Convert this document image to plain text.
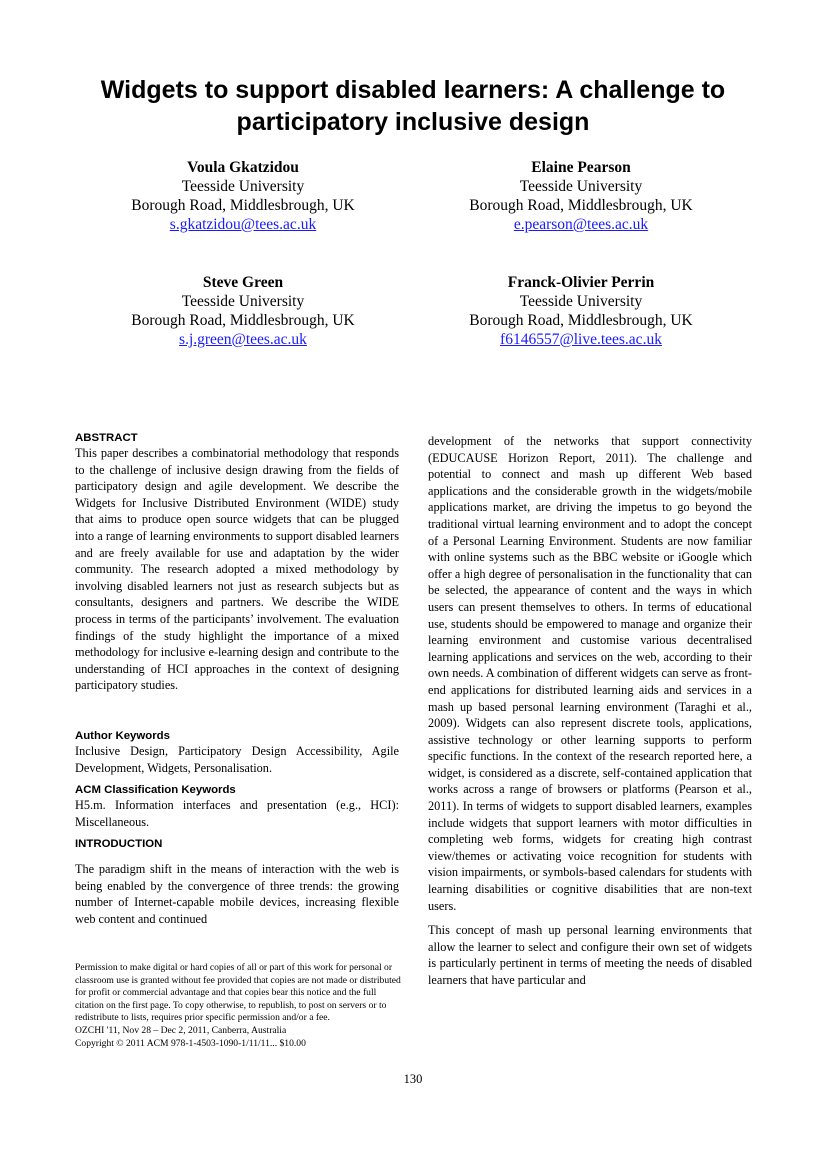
Widgets to support disabled learners: A challenge to participatory inclusive design
Voula Gkatzidou
Teesside University
Borough Road, Middlesbrough, UK
s.gkatzidou@tees.ac.uk
Elaine Pearson
Teesside University
Borough Road, Middlesbrough, UK
e.pearson@tees.ac.uk
Steve Green
Teesside University
Borough Road, Middlesbrough, UK
s.j.green@tees.ac.uk
Franck-Olivier Perrin
Teesside University
Borough Road, Middlesbrough, UK
f6146557@live.tees.ac.uk
ABSTRACT

This paper describes a combinatorial methodology that responds to the challenge of inclusive design drawing from the fields of participatory design and agile development. We describe the Widgets for Inclusive Distributed Environment (WIDE) study that aims to produce open source widgets that can be plugged into a range of learning environments to support disabled learners and are freely available for use and adaptation by the wider community. The research adopted a mixed methodology by involving disabled learners not just as research subjects but as consultants, designers and partners. We describe the WIDE process in terms of the participants’ involvement. The evaluation findings of the study highlight the importance of a mixed methodology for inclusive e-learning design and contribute to the understanding of HCI approaches in the context of designing participatory studies.

Author Keywords

Inclusive Design, Participatory Design Accessibility, Agile Development, Widgets, Personalisation.

ACM Classification Keywords

H5.m. Information interfaces and presentation (e.g., HCI): Miscellaneous.

INTRODUCTION

The paradigm shift in the means of interaction with the web is being enabled by the convergence of three trends: the growing number of Internet-capable mobile devices, increasing flexible web content and continued

Permission to make digital or hard copies of all or part of this work for personal or classroom use is granted without fee provided that copies are not made or distributed for profit or commercial advantage and that copies bear this notice and the full citation on the first page. To copy otherwise, to republish, to post on servers or to redistribute to lists, requires prior specific permission and/or a fee.

OZCHI '11, Nov 28 – Dec 2, 2011, Canberra, Australia

Copyright © 2011 ACM 978-1-4503-1090-1/11/11... $10.00

development of the networks that support connectivity (EDUCAUSE Horizon Report, 2011). The challenge and potential to connect and mash up different Web based applications and the considerable growth in the widgets/mobile applications market, are driving the impetus to go beyond the traditional virtual learning environment and to adopt the concept of a Personal Learning Environment. Students are now familiar with online systems such as the BBC website or iGoogle which offer a high degree of personalisation in the functionality that can be selected, the appearance of content and the ways in which users can present themselves to others. In terms of educational use, students should be empowered to manage and organize their learning environment and customise various decentralised learning applications and services on the web, according to their own needs. A combination of different widgets can serve as front-end applications for distributed learning aids and services in a mash up based personal learning environment (Taraghi et al., 2009). Widgets can also represent discrete tools, applications, assistive technology or other learning supports to perform specific functions. In the context of the research reported here, a widget, is considered as a discrete, self-contained application that works across a range of browsers or platforms (Pearson et al., 2011). In terms of widgets to support disabled learners, examples include widgets that support learners with motor difficulties in completing web forms, widgets for creating high contrast view/themes or activating voice recognition for students with vision impairments, or symbols-based calendars for students with learning disabilities or cognitive disabilities that are non-text users.

This concept of mash up personal learning environments that allow the learner to select and configure their own set of widgets is particularly pertinent in terms of meeting the needs of disabled learners that have particular and

130
